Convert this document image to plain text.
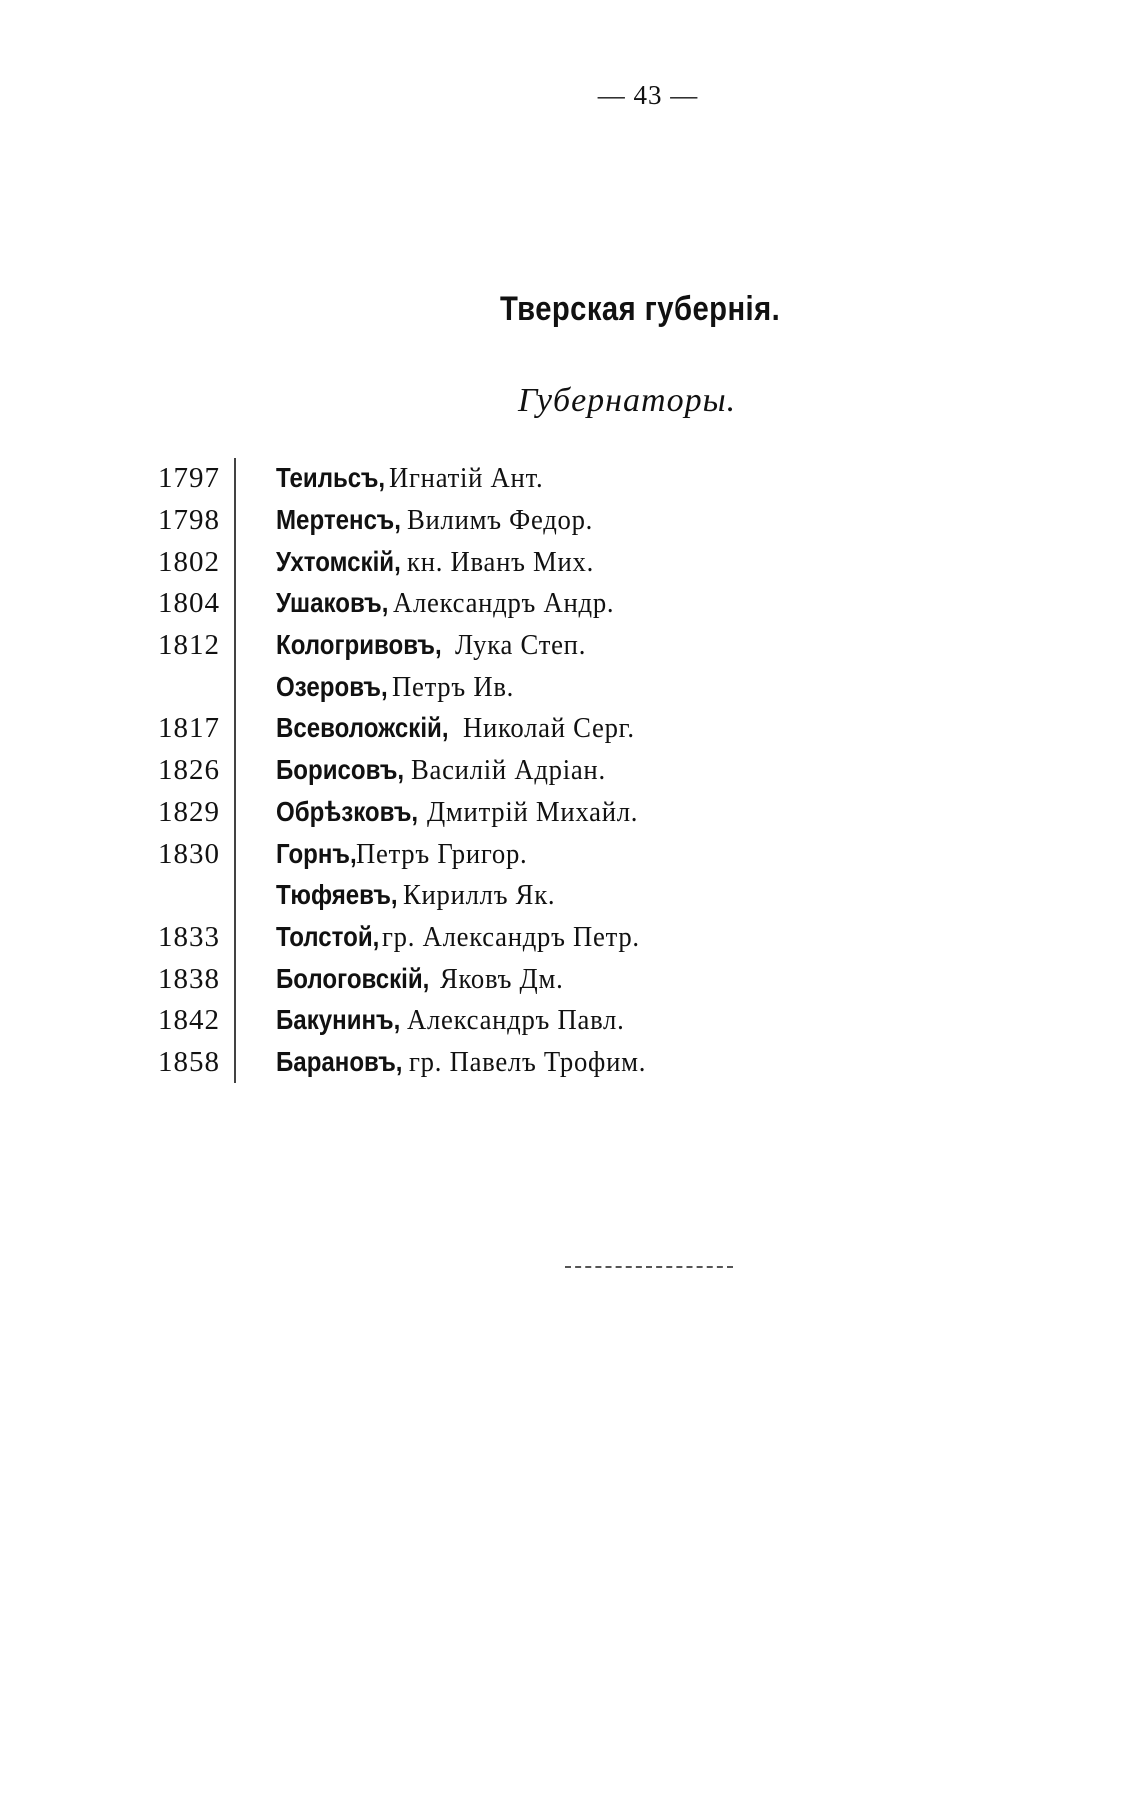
— 43 —
Тверская губернія.
Губернаторы.
1797 Теильсъ, Игнатій Ант.
1798 Мертенсъ, Вилимъ Федор.
1802 Ухтомскій, кн. Иванъ Мих.
1804 Ушаковъ, Александръ Андр.
1812 Кологривовъ, Лука Степ.
Озеровъ, Петръ Ив.
1817 Всеволожскій, Николай Серг.
1826 Борисовъ, Василій Адріан.
1829 Обрѣзковъ, Дмитрій Михайл.
1830 Горнъ, Петръ Григор.
Тюфяевъ, Кириллъ Як.
1833 Толстой, гр. Александръ Петр.
1838 Бологовскій, Яковъ Дм.
1842 Бакунинъ, Александръ Павл.
1858 Барановъ, гр. Павелъ Трофим.
